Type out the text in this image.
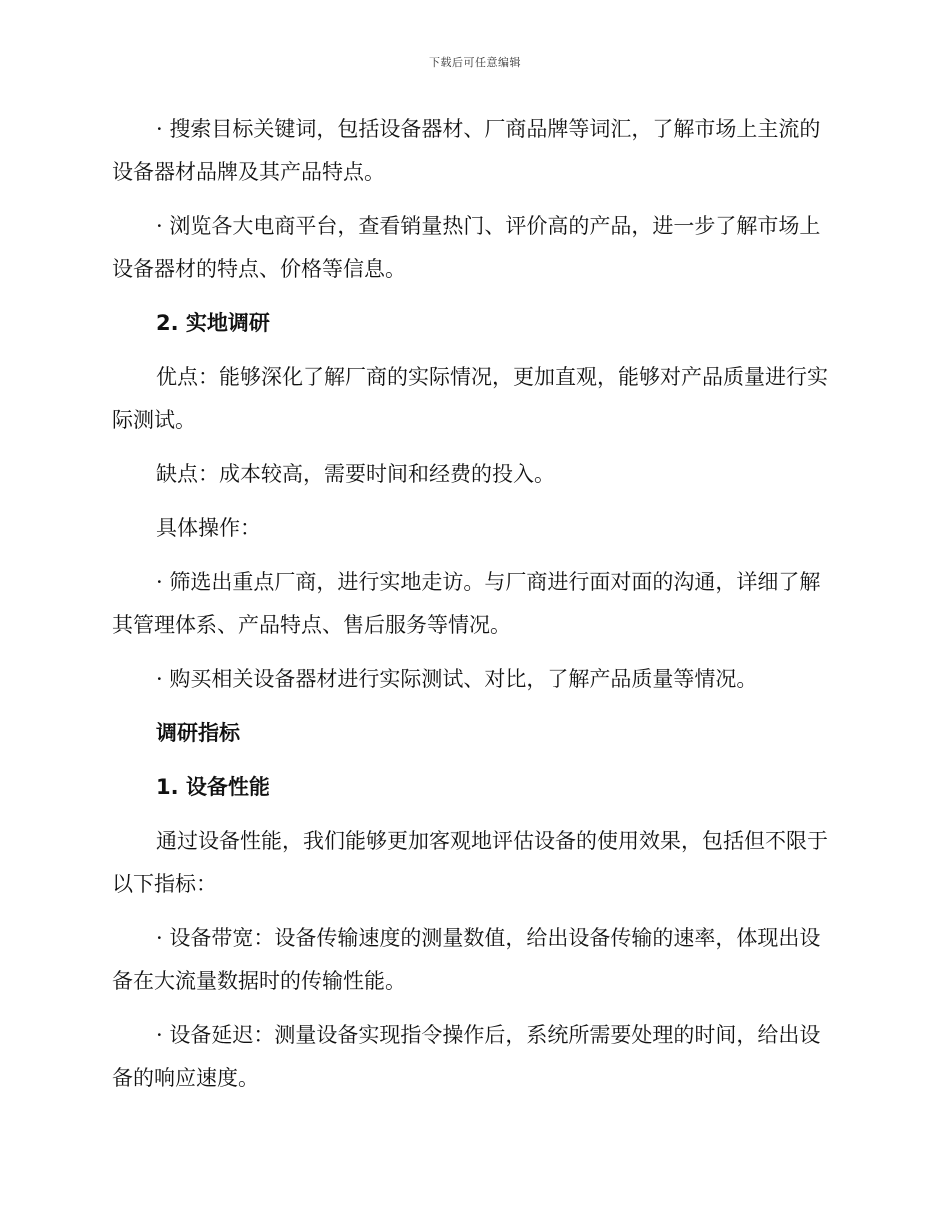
下载后可任意编辑

· 搜索目标关键词，包括设备器材、厂商品牌等词汇，了解市场上主流的设备器材品牌及其产品特点。

· 浏览各大电商平台，查看销量热门、评价高的产品，进一步了解市场上设备器材的特点、价格等信息。

2. 实地调研

优点：能够深化了解厂商的实际情况，更加直观，能够对产品质量进行实际测试。

缺点：成本较高，需要时间和经费的投入。

具体操作：

· 筛选出重点厂商，进行实地走访。与厂商进行面对面的沟通，详细了解其管理体系、产品特点、售后服务等情况。

· 购买相关设备器材进行实际测试、对比，了解产品质量等情况。

调研指标

1. 设备性能

通过设备性能，我们能够更加客观地评估设备的使用效果，包括但不限于以下指标：

· 设备带宽：设备传输速度的测量数值，给出设备传输的速率，体现出设备在大流量数据时的传输性能。

· 设备延迟：测量设备实现指令操作后，系统所需要处理的时间，给出设备的响应速度。
